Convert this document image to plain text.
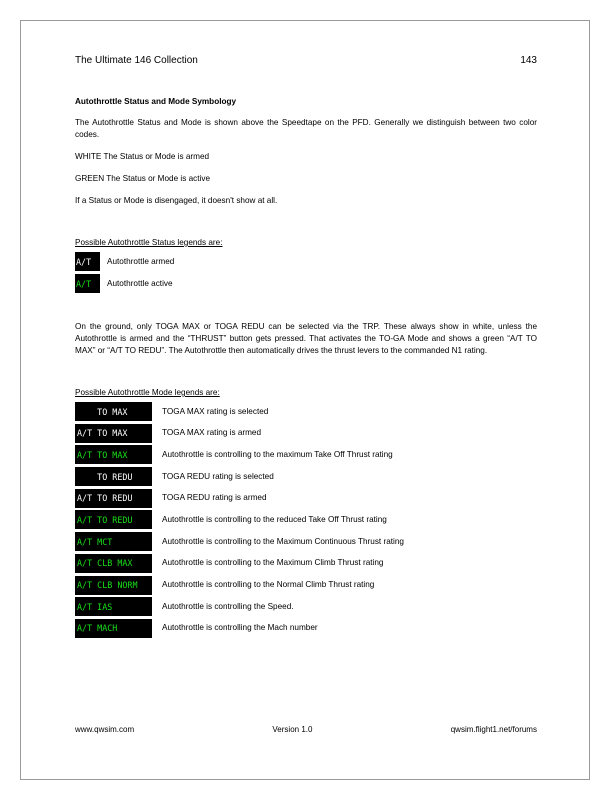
The Ultimate 146 Collection	143

Autothrottle Status and Mode Symbology

The Autothrottle Status and Mode is shown above the Speedtape on the PFD. Generally we distinguish between two color codes.

WHITE The Status or Mode is armed

GREEN The Status or Mode is active

If a Status or Mode is disengaged, it doesn't show at all.

Possible Autothrottle Status legends are:

A/T Autothrottle armed
A/T Autothrottle active

On the ground, only TOGA MAX or TOGA REDU can be selected via the TRP. These always show in white, unless the Autothrottle is armed and the “THRUST” button gets pressed. That activates the TO-GA Mode and shows a green “A/T TO MAX” or “A/T TO REDU”. The Autothrottle then automatically drives the thrust levers to the commanded N1 rating.

Possible Autothrottle Mode legends are:

TO MAX	TOGA MAX rating is selected
A/T TO MAX	TOGA MAX rating is armed
A/T TO MAX	Autothrottle is controlling to the maximum Take Off Thrust rating
TO REDU	TOGA REDU rating is selected
A/T TO REDU	TOGA REDU rating is armed
A/T TO REDU	Autothrottle is controlling to the reduced Take Off Thrust rating
A/T MCT	Autothrottle is controlling to the Maximum Continuous Thrust rating
A/T CLB MAX	Autothrottle is controlling to the Maximum Climb Thrust rating
A/T CLB NORM	Autothrottle is controlling to the Normal Climb Thrust rating
A/T IAS	Autothrottle is controlling the Speed.
A/T MACH	Autothrottle is controlling the Mach number
www.qwsim.com	Version 1.0	qwsim.flight1.net/forums
